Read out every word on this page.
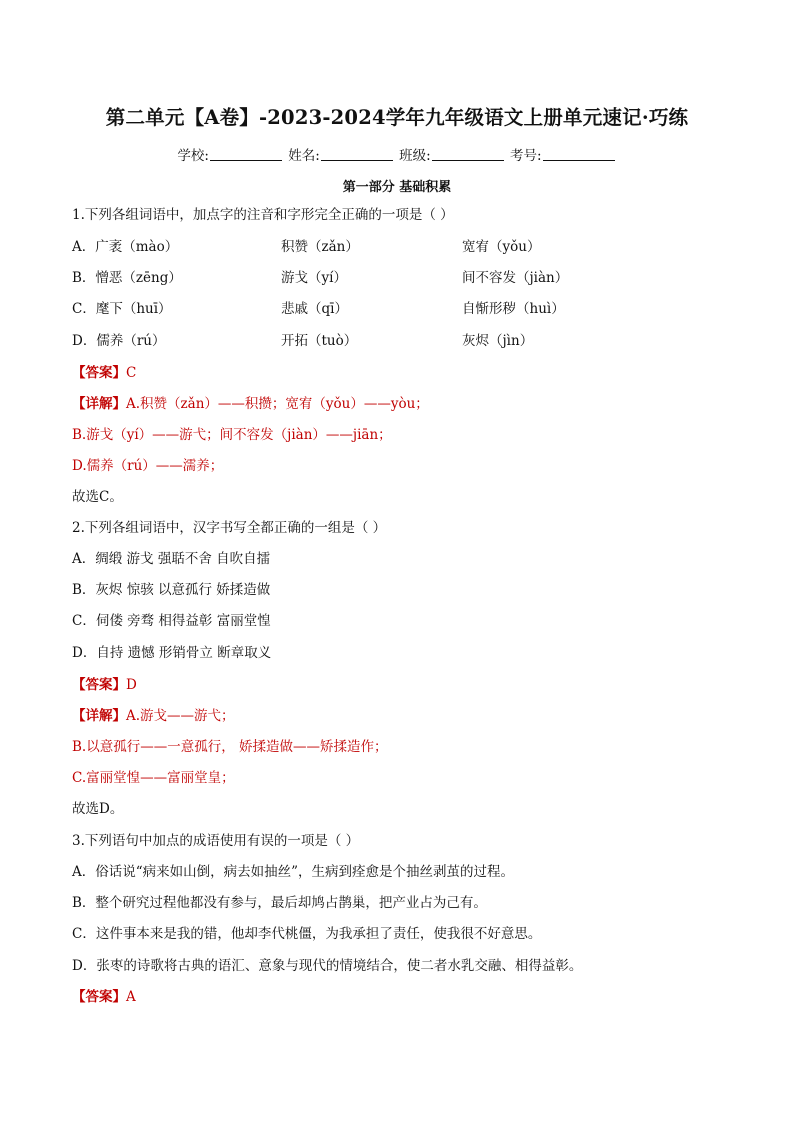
第二单元【A卷】-2023-2024学年九年级语文上册单元速记·巧练
学校:	姓名:	班级:	考号:
第一部分 基础积累
1.下列各组词语中，加点字的注音和字形完全正确的一项是（ ）
A．广袤（mào）	积赞（zǎn）	宽宥（yǒu）
B．憎恶（zēng）	游戈（yí）	间不容发（jiàn）
C．麾下（huī）	悲戚（qī）	自惭形秽（huì）
D．儒养（rú）	开拓（tuò）	灰烬（jìn）
【答案】C
【详解】A.积赞（zǎn）——积攒；宽宥（yǒu）——yòu；
B.游戈（yí）——游弋；间不容发（jiàn）——jiān；
D.儒养（rú）——濡养；
故选C。
2.下列各组词语中，汉字书写全都正确的一组是（ ）
A．绸缎 游戈 强聒不舍 自吹自擂
B．灰烬 惊骇 以意孤行 娇揉造做
C．伺偻 旁骛 相得益彰 富丽堂惶
D．自持 遗憾 形销骨立 断章取义
【答案】D
【详解】A.游戈——游弋；
B.以意孤行——一意孤行， 娇揉造做——矫揉造作；
C.富丽堂惶——富丽堂皇；
故选D。
3.下列语句中加点的成语使用有误的一项是（ ）
A．俗话说“病来如山倒，病去如抽丝”，生病到痊愈是个抽丝剥茧的过程。
B．整个研究过程他都没有参与，最后却鸠占鹊巢，把产业占为己有。
C．这件事本来是我的错，他却李代桃僵，为我承担了责任，使我很不好意思。
D．张枣的诗歌将古典的语汇、意象与现代的情境结合，使二者水乳交融、相得益彰。
【答案】A
